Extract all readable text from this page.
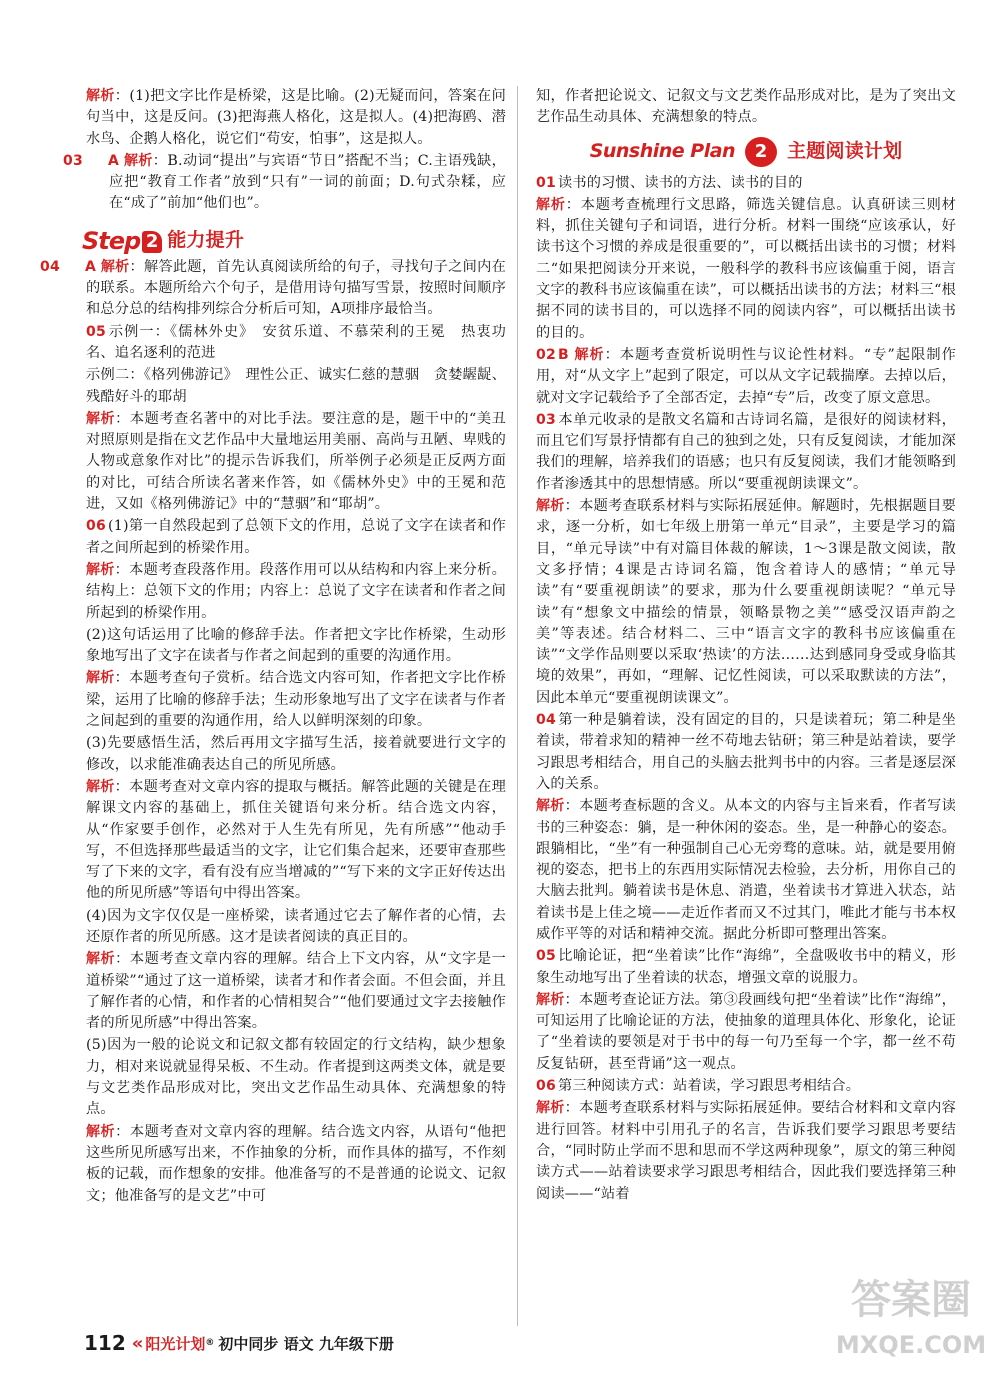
解析：(1)把文字比作是桥梁，这是比喻。(2)无疑而问，答案在问句当中，这是反问。(3)把海燕人格化，这是拟人。(4)把海鸥、潜水鸟、企鹅人格化，说它们“苟安，怕事”，这是拟人。

03 A 解析：B.动词“提出”与宾语“节日”搭配不当；C.主语残缺，应把“教育工作者”放到“只有”一词的前面；D.句式杂糅，应在“成了”前加“他们也”。

Step 2 能力提升

04 A 解析：解答此题，首先认真阅读所给的句子，寻找句子之间内在的联系。本题所给六个句子，是借用诗句描写雪景，按照时间顺序和总分总的结构排列综合分析后可知，A项排序最恰当。

05 示例一：《儒林外史》　安贫乐道、不慕荣利的王冕　热衷功名、追名逐利的范进

示例二：《格列佛游记》　理性公正、诚实仁慈的慧骃　贪婪龌龊、残酷好斗的耶胡

解析：本题考查名著中的对比手法。要注意的是，题干中的“美丑对照原则是指在文艺作品中大量地运用美丽、高尚与丑陋、卑贱的人物或意象作对比”的提示告诉我们，所举例子必须是正反两方面的对比，可结合所读名著来作答，如《儒林外史》中的王冕和范进，又如《格列佛游记》中的“慧骃”和“耶胡”。

06 (1)第一自然段起到了总领下文的作用，总说了文字在读者和作者之间所起到的桥梁作用。

解析：本题考查段落作用。段落作用可以从结构和内容上来分析。结构上：总领下文的作用；内容上：总说了文字在读者和作者之间所起到的桥梁作用。

(2)这句话运用了比喻的修辞手法。作者把文字比作桥梁，生动形象地写出了文字在读者与作者之间起到的重要的沟通作用。

解析：本题考查句子赏析。结合选文内容可知，作者把文字比作桥梁，运用了比喻的修辞手法；生动形象地写出了文字在读者与作者之间起到的重要的沟通作用，给人以鲜明深刻的印象。

(3)先要感悟生活，然后再用文字描写生活，接着就要进行文字的修改，以求能准确表达自己的所见所感。

解析：本题考查对文章内容的提取与概括。解答此题的关键是在理解课文内容的基础上，抓住关键语句来分析。结合选文内容，从“作家要手创作，必然对于人生先有所见，先有所感”“他动手写，不但选择那些最适当的文字，让它们集合起来，还要审查那些写了下来的文字，看有没有应当增减的”“写下来的文字正好传达出他的所见所感”等语句中得出答案。

(4)因为文字仅仅是一座桥梁，读者通过它去了解作者的心情，去还原作者的所见所感。这才是读者阅读的真正目的。

解析：本题考查文章内容的理解。结合上下文内容，从“文字是一道桥梁”“通过了这一道桥梁，读者才和作者会面。不但会面，并且了解作者的心情，和作者的心情相契合”“他们要通过文字去接触作者的所见所感”中得出答案。

(5)因为一般的论说文和记叙文都有较固定的行文结构，缺少想象力，相对来说就显得呆板、不生动。作者提到这两类文体，就是要与文艺类作品形成对比，突出文艺作品生动具体、充满想象的特点。

解析：本题考查对文章内容的理解。结合选文内容，从语句“他把这些所见所感写出来，不作抽象的分析，而作具体的描写，不作刻板的记载，而作想象的安排。他准备写的不是普通的论说文、记叙文；他准备写的是文艺”中可

知，作者把论说文、记叙文与文艺类作品形成对比，是为了突出文艺作品生动具体、充满想象的特点。

Sunshine Plan	2	主题阅读计划

01 读书的习惯、读书的方法、读书的目的

解析：本题考查梳理行文思路，筛选关键信息。认真研读三则材料，抓住关键句子和词语，进行分析。材料一围绕“应该承认，好读书这个习惯的养成是很重要的”，可以概括出读书的习惯；材料二“如果把阅读分开来说，一般科学的教科书应该偏重于阅，语言文字的教科书应该偏重在读”，可以概括出读书的方法；材料三“根据不同的读书目的，可以选择不同的阅读内容”，可以概括出读书的目的。

02 B 解析：本题考查赏析说明性与议论性材料。“专”起限制作用，对“从文字上”起到了限定，可以从文字记载揣摩。去掉以后，就对文字记载给予了全部否定，去掉“专”后，改变了原文意思。

03 本单元收录的是散文名篇和古诗词名篇，是很好的阅读材料，而且它们写景抒情都有自己的独到之处，只有反复阅读，才能加深我们的理解，培养我们的语感；也只有反复阅读，我们才能领略到作者渗透其中的思想情感。所以“要重视朗读课文”。

解析：本题考查联系材料与实际拓展延伸。解题时，先根据题目要求，逐一分析，如七年级上册第一单元“目录”，主要是学习的篇目，“单元导读”中有对篇目体裁的解读，1～3课是散文阅读，散文多抒情；4课是古诗词名篇，饱含着诗人的感情；“单元导读”有“要重视朗读”的要求，那为什么要重视朗读呢？“单元导读”有“想象文中描绘的情景，领略景物之美”“感受汉语声韵之美”等表述。结合材料二、三中“语言文字的教科书应该偏重在读”“文学作品则要以采取‘热读’的方法……达到感同身受或身临其境的效果”，再如，“理解、记忆性阅读，可以采取默读的方法”，因此本单元“要重视朗读课文”。

04 第一种是躺着读，没有固定的目的，只是读着玩；第二种是坐着读，带着求知的精神一丝不苟地去钻研；第三种是站着读，要学习跟思考相结合，用自己的头脑去批判书中的内容。三者是逐层深入的关系。

解析：本题考查标题的含义。从本文的内容与主旨来看，作者写读书的三种姿态：躺，是一种休闲的姿态。坐，是一种静心的姿态。跟躺相比，“坐”有一种强制自己心无旁骛的意味。站，就是要用俯视的姿态，把书上的东西用实际情况去检验，去分析，用你自己的大脑去批判。躺着读书是休息、消遣，坐着读书才算进入状态，站着读书是上佳之境——走近作者而又不过其门，唯此才能与书本权威作平等的对话和精神交流。据此分析即可整理出答案。

05 比喻论证，把“坐着读”比作“海绵”，全盘吸收书中的精义，形象生动地写出了坐着读的状态，增强文章的说服力。

解析：本题考查论证方法。第③段画线句把“坐着读”比作“海绵”，可知运用了比喻论证的方法，使抽象的道理具体化、形象化，论证了“坐着读的要领是对于书中的每一句乃至每一个字，都一丝不苟反复钻研，甚至背诵”这一观点。

06 第三种阅读方式：站着读，学习跟思考相结合。

解析：本题考查联系材料与实际拓展延伸。要结合材料和文章内容进行回答。材料中引用孔子的名言，告诉我们要学习跟思考要结合，“同时防止学而不思和思而不学这两种现象”，原文的第三种阅读方式——站着读要求学习跟思考相结合，因此我们要选择第三种阅读——“站着

112 « 阳光计划 ® 初中同步 语文 九年级下册
答案圈
MXQE.COM
